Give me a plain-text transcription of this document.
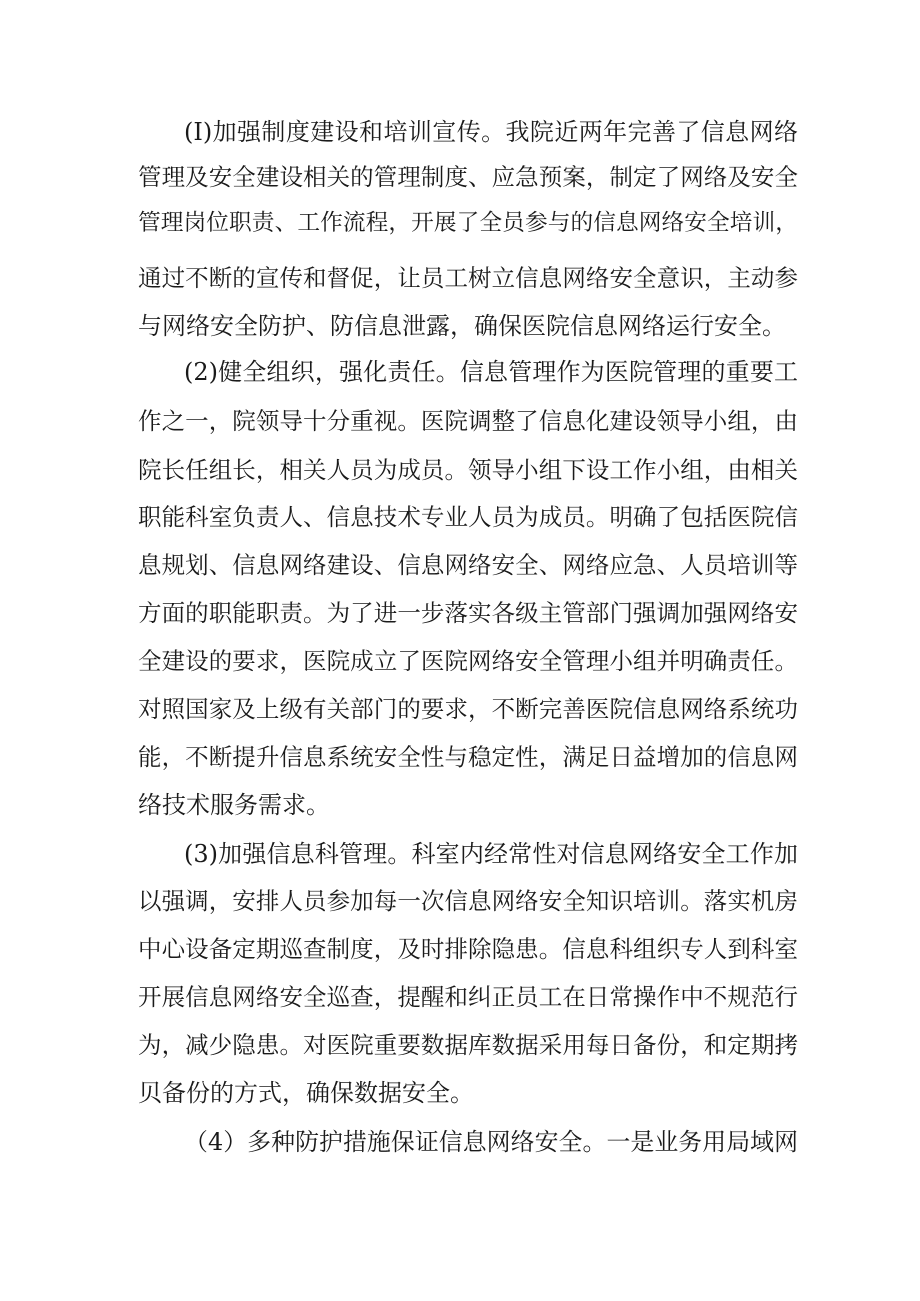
(I)加强制度建设和培训宣传。我院近两年完善了信息网络
管理及安全建设相关的管理制度、应急预案，制定了网络及安全
管理岗位职责、工作流程，开展了全员参与的信息网络安全培训，
通过不断的宣传和督促，让员工树立信息网络安全意识，主动参
与网络安全防护、防信息泄露，确保医院信息网络运行安全。
(2)健全组织，强化责任。信息管理作为医院管理的重要工
作之一，院领导十分重视。医院调整了信息化建设领导小组，由
院长任组长，相关人员为成员。领导小组下设工作小组，由相关
职能科室负责人、信息技术专业人员为成员。明确了包括医院信
息规划、信息网络建设、信息网络安全、网络应急、人员培训等
方面的职能职责。为了进一步落实各级主管部门强调加强网络安
全建设的要求，医院成立了医院网络安全管理小组并明确责任。
对照国家及上级有关部门的要求，不断完善医院信息网络系统功
能，不断提升信息系统安全性与稳定性，满足日益增加的信息网
络技术服务需求。
(3)加强信息科管理。科室内经常性对信息网络安全工作加
以强调，安排人员参加每一次信息网络安全知识培训。落实机房
中心设备定期巡查制度，及时排除隐患。信息科组织专人到科室
开展信息网络安全巡查，提醒和纠正员工在日常操作中不规范行
为，减少隐患。对医院重要数据库数据采用每日备份，和定期拷
贝备份的方式，确保数据安全。
（4）多种防护措施保证信息网络安全。一是业务用局域网
